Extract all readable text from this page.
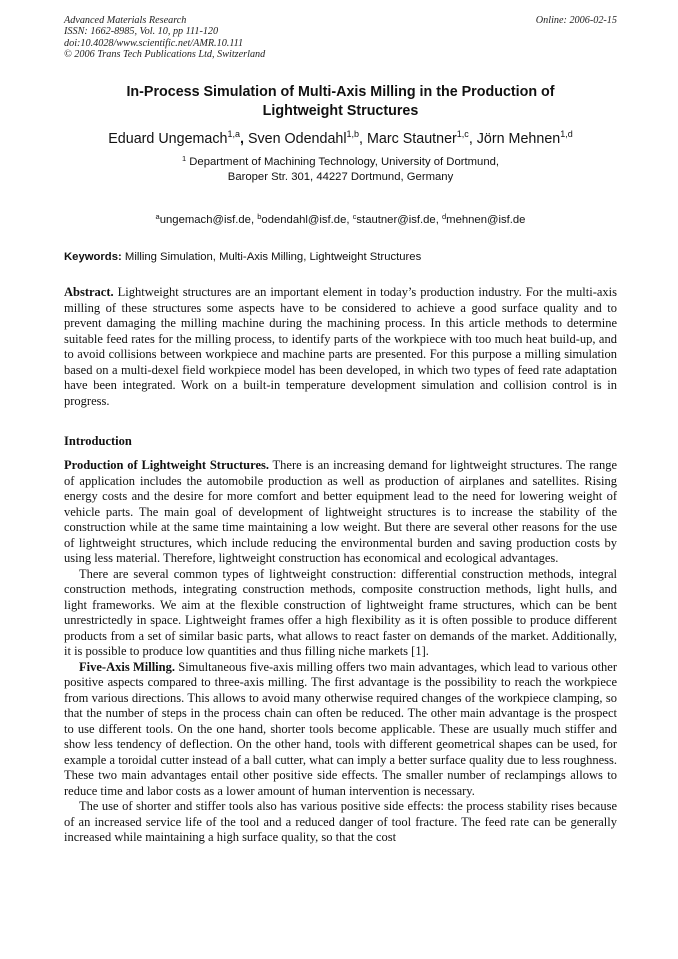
Advanced Materials Research
ISSN: 1662-8985, Vol. 10, pp 111-120
doi:10.4028/www.scientific.net/AMR.10.111
© 2006 Trans Tech Publications Ltd, Switzerland
Online: 2006-02-15
In-Process Simulation of Multi-Axis Milling in the Production of
Lightweight Structures
Eduard Ungemach$^{1,a}$, Sven Odendahl$^{1,b}$, Marc Stautner$^{1,c}$, Jörn Mehnen$^{1,d}$
$^1$ Department of Machining Technology, University of Dortmund,
Baroper Str. 301, 44227 Dortmund, Germany
$^a$ungemach@isf.de, $^b$odendahl@isf.de, $^c$stautner@isf.de, $^d$mehnen@isf.de
Keywords: Milling Simulation, Multi-Axis Milling, Lightweight Structures
Abstract. Lightweight structures are an important element in today’s production industry. For the multi-axis milling of these structures some aspects have to be considered to achieve a good surface quality and to prevent damaging the milling machine during the machining process. In this article methods to determine suitable feed rates for the milling process, to identify parts of the workpiece with too much heat build-up, and to avoid collisions between workpiece and machine parts are presented. For this purpose a milling simulation based on a multi-dexel field workpiece model has been developed, in which two types of feed rate adaptation have been integrated. Work on a built-in temperature development simulation and collision control is in progress.
Introduction

Production of Lightweight Structures. There is an increasing demand for lightweight structures. The range of application includes the automobile production as well as production of airplanes and satellites. Rising energy costs and the desire for more comfort and better equipment lead to the need for lowering weight of vehicle parts. The main goal of development of lightweight structures is to increase the stability of the construction while at the same time maintaining a low weight. But there are several other reasons for the use of lightweight structures, which include reducing the environmental burden and saving production costs by using less material. Therefore, lightweight construction has economical and ecological advantages.

There are several common types of lightweight construction: differential construction methods, integral construction methods, integrating construction methods, composite construction methods, light hulls, and light frameworks. We aim at the flexible construction of lightweight frame structures, which can be bent unrestrictedly in space. Lightweight frames offer a high flexibility as it is often possible to produce different products from a set of similar basic parts, what allows to react faster on demands of the market. Additionally, it is possible to produce low quantities and thus filling niche markets [1].

Five-Axis Milling. Simultaneous five-axis milling offers two main advantages, which lead to various other positive aspects compared to three-axis milling. The first advantage is the possibility to reach the workpiece from various directions. This allows to avoid many otherwise required changes of the workpiece clamping, so that the number of steps in the process chain can often be reduced. The other main advantage is the prospect to use different tools. On the one hand, shorter tools become applicable. These are usually much stiffer and show less tendency of deflection. On the other hand, tools with different geometrical shapes can be used, for example a toroidal cutter instead of a ball cutter, what can imply a better surface quality due to less roughness. These two main advantages entail other positive side effects. The smaller number of reclampings allows to reduce time and labor costs as a lower amount of human intervention is necessary.

The use of shorter and stiffer tools also has various positive side effects: the process stability rises because of an increased service life of the tool and a reduced danger of tool fracture. The feed rate can be generally increased while maintaining a high surface quality, so that the cost
